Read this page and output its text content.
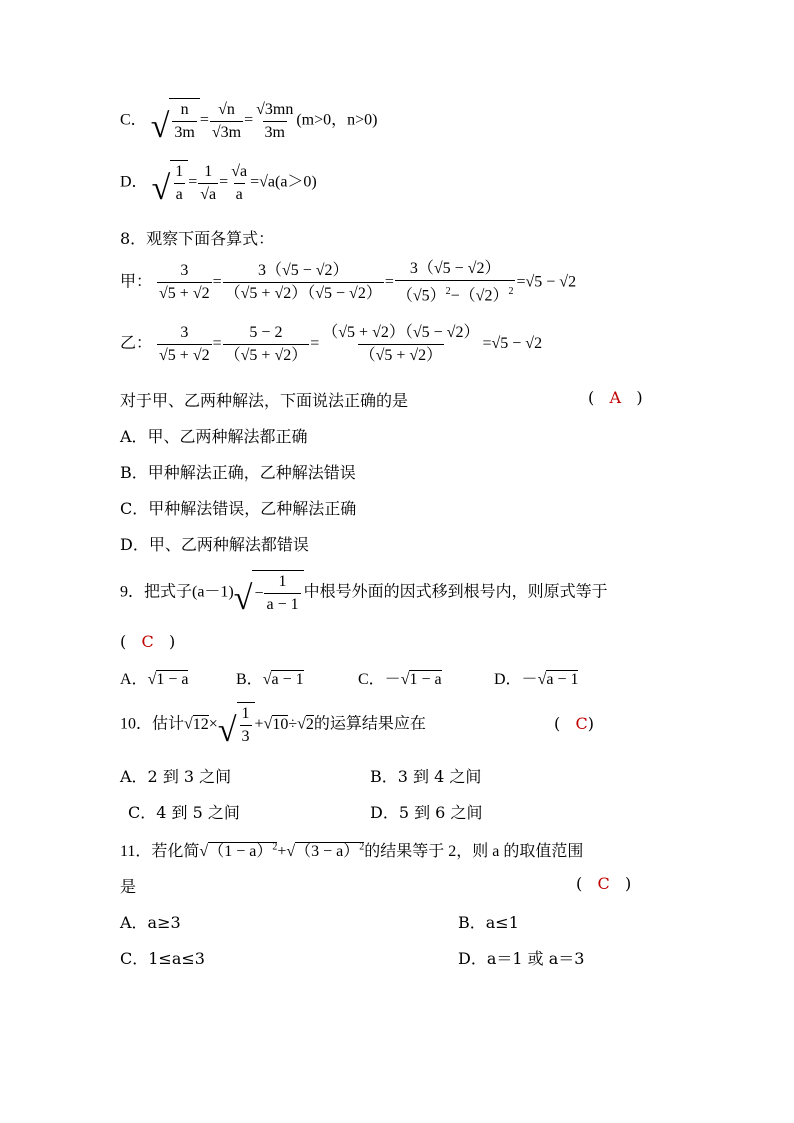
C． √ $\frac{n}{3m} = \frac{√n}{√3m} = \frac{√3mn}{3m} (m>0$，n>0)
D． √ $\frac{1}{a} = \frac{1}{√a} = \frac{√a}{a} =√a(a>0)$
8．观察下面各算式：
甲： $\frac{3}{√5 + √2} = \frac{3(√5 - √2)}{(√5 + √2)(√5 - √2)} = \frac{3(√5 - √2)}{(√5)^2-(√2)^2} =√5 - √2$
乙： $\frac{3}{√5 + √2} = \frac{5 - 2}{(√5 + √2)} = \frac{(√5 + √2)(√5 - √2)}{(√5 + √2)} =√5 - √2$
对于甲、乙两种解法，下面说法正确的是	(   A   )
A．甲、乙两种解法都正确
B．甲种解法正确，乙种解法错误
C．甲种解法错误，乙种解法正确
D．甲、乙两种解法都错误
9．把式子(a－1) √ − $\frac{1}{a - 1}$ 中根号外面的因式移到根号内，则原式等于
(   C   )
A．√1 − a	B．√a − 1	C．－√1 − a	D．－√a − 1
10．估计√12× √ $\frac{1}{3} +√10\div√2$的运算结果应在	(   C)
A．2 到 3 之间	B．3 到 4 之间
C．4 到 5 之间	D．5 到 6 之间
11．若化简$√(1 - a)^2+√(3 - a)^2$的结果等于 2，则 a 的取值范围
是	(   C   )
A．a≥3	B．a≤1
C．1≤a≤3	D．a＝1 或 a＝3
